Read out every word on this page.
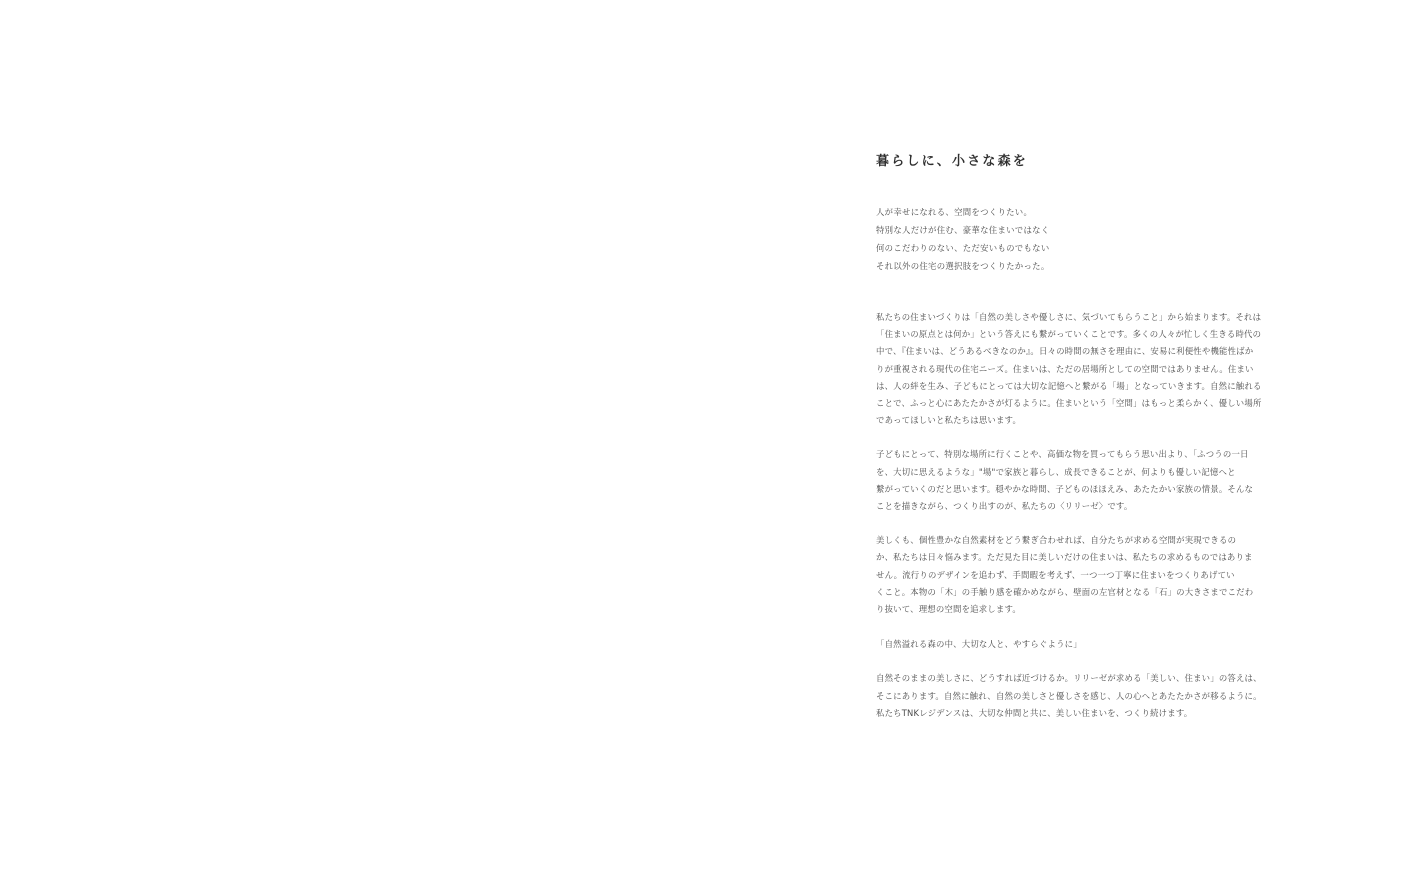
暮らしに、小さな森を
人が幸せになれる、空間をつくりたい。
特別な人だけが住む、豪華な住まいではなく
何のこだわりのない、ただ安いものでもない
それ以外の住宅の選択肢をつくりたかった。

私たちの住まいづくりは「自然の美しさや優しさに、気づいてもらうこと」から始まります。それは
「住まいの原点とは何か」という答えにも繋がっていくことです。多くの人々が忙しく生きる時代の
中で、『住まいは、どうあるべきなのか』。日々の時間の無さを理由に、安易に利便性や機能性ばか
りが重視される現代の住宅ニーズ。住まいは、ただの居場所としての空間ではありません。住まい
は、人の絆を生み、子どもにとっては大切な記憶へと繋がる「場」となっていきます。自然に触れる
ことで、ふっと心にあたたかさが灯るように。住まいという「空間」はもっと柔らかく、優しい場所
であってほしいと私たちは思います。

子どもにとって、特別な場所に行くことや、高価な物を買ってもらう思い出より、「ふつうの一日
を、大切に思えるような」"場"で家族と暮らし、成長できることが、何よりも優しい記憶へと
繋がっていくのだと思います。穏やかな時間、子どものほほえみ、あたたかい家族の情景。そんな
ことを描きながら、つくり出すのが、私たちの〈リリーゼ〉です。

美しくも、個性豊かな自然素材をどう繋ぎ合わせれば、自分たちが求める空間が実現できるの
か、私たちは日々悩みます。ただ見た目に美しいだけの住まいは、私たちの求めるものではありま
せん。流行りのデザインを追わず、手間暇を考えず、一つ一つ丁寧に住まいをつくりあげてい
くこと。本物の「木」の手触り感を確かめながら、壁面の左官材となる「石」の大きさまでこだわ
り抜いて、理想の空間を追求します。

「自然溢れる森の中、大切な人と、やすらぐように」

自然そのままの美しさに、どうすれば近づけるか。リリーゼが求める「美しい、住まい」の答えは、
そこにあります。自然に触れ、自然の美しさと優しさを感じ、人の心へとあたたかさが移るように。
私たちTNKレジデンスは、大切な仲間と共に、美しい住まいを、つくり続けます。
